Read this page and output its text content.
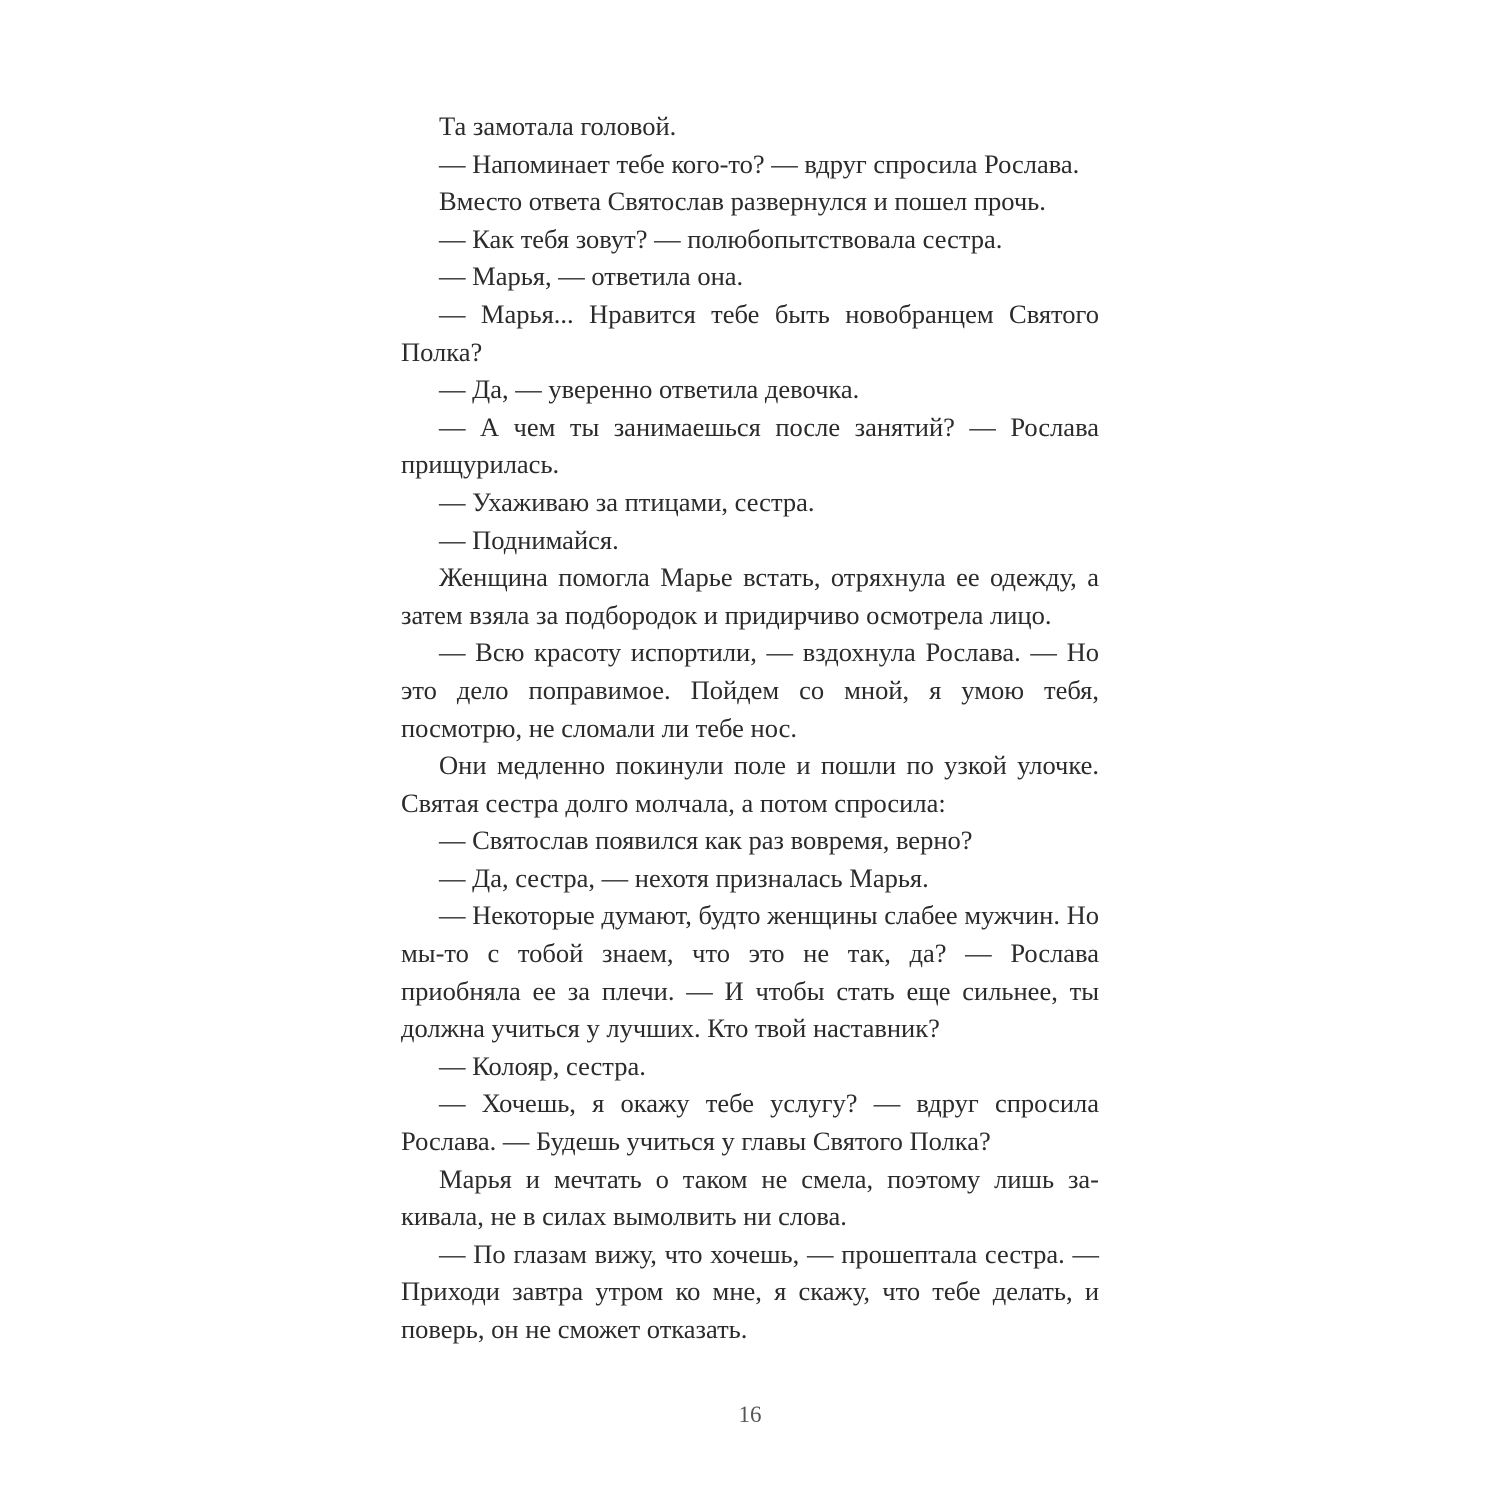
Та замотала головой.

— Напоминает тебе кого-то? — вдруг спросила Рослава.

Вместо ответа Святослав развернулся и пошел прочь.

— Как тебя зовут? — полюбопытствовала сестра.

— Марья, — ответила она.

— Марья... Нравится тебе быть новобранцем Святого Полка?

— Да, — уверенно ответила девочка.

— А чем ты занимаешься после занятий? — Рослава прищурилась.

— Ухаживаю за птицами, сестра.

— Поднимайся.

Женщина помогла Марье встать, отряхнула ее одежду, а затем взяла за подбородок и придирчиво осмотрела лицо.

— Всю красоту испортили, — вздохнула Рослава. — Но это дело поправимое. Пойдем со мной, я умою тебя, посмотрю, не сломали ли тебе нос.

Они медленно покинули поле и пошли по узкой улочке. Святая сестра долго молчала, а потом спросила:

— Святослав появился как раз вовремя, верно?

— Да, сестра, — нехотя призналась Марья.

— Некоторые думают, будто женщины слабее мужчин. Но мы-то с тобой знаем, что это не так, да? — Рослава приобняла ее за плечи. — И чтобы стать еще сильнее, ты должна учиться у лучших. Кто твой наставник?

— Колояр, сестра.

— Хочешь, я окажу тебе услугу? — вдруг спросила Рослава. — Будешь учиться у главы Святого Полка?

Марья и мечтать о таком не смела, поэтому лишь закивала, не в силах вымолвить ни слова.

— По глазам вижу, что хочешь, — прошептала сестра. — Приходи завтра утром ко мне, я скажу, что тебе делать, и поверь, он не сможет отказать.

16
